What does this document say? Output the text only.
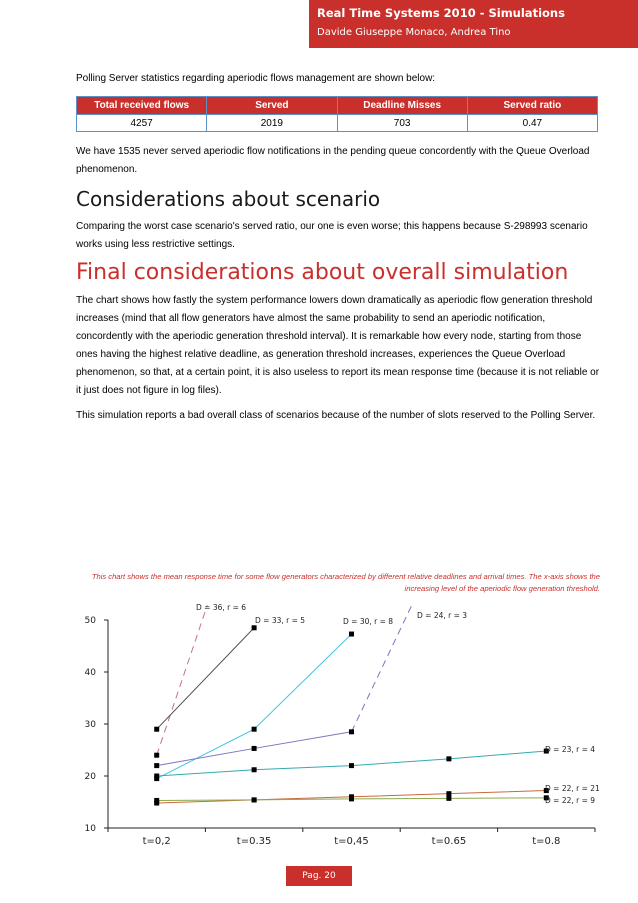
Real Time Systems 2010 - Simulations
Davide Giuseppe Monaco, Andrea Tino

Polling Server statistics regarding aperiodic flows management are shown below:

Total received flows	Served	Deadline Misses	Served ratio
4257	2019	703	0.47

We have 1535 never served aperiodic flow notifications in the pending queue concordently with the Queue Overload phenomenon.

Considerations about scenario

Comparing the worst case scenario's served ratio, our one is even worse; this happens because S-298993 scenario works using less restrictive settings.

Final considerations about overall simulation

The chart shows how fastly the system performance lowers down dramatically as aperiodic flow generation threshold increases (mind that all flow generators have almost the same probability to send an aperiodic notification, concordently with the aperiodic generation threshold interval). It is remarkable how every node, starting from those ones having the highest relative deadline, as generation threshold increases, experiences the Queue Overload phenomenon, so that, at a certain point, it is also useless to report its mean response time (because it is not reliable or it just does not figure in log files).

This simulation reports a bad overall class of scenarios because of the number of slots reserved to the Polling Server.

This chart shows the mean response time for some flow generators characterized by different relative deadlines and arrival times. The x-axis shows the increasing level of the aperiodic flow generation threshold.

10
20
30
40
50
t=0,2	t=0.35	t=0,45	t=0.65	t=0.8
D = 36, r = 6
D = 33, r = 5	D = 30, r = 8
D = 24, r = 3
D = 23, r = 4
D = 22, r = 21
D = 22, r = 9
Pag. 20
